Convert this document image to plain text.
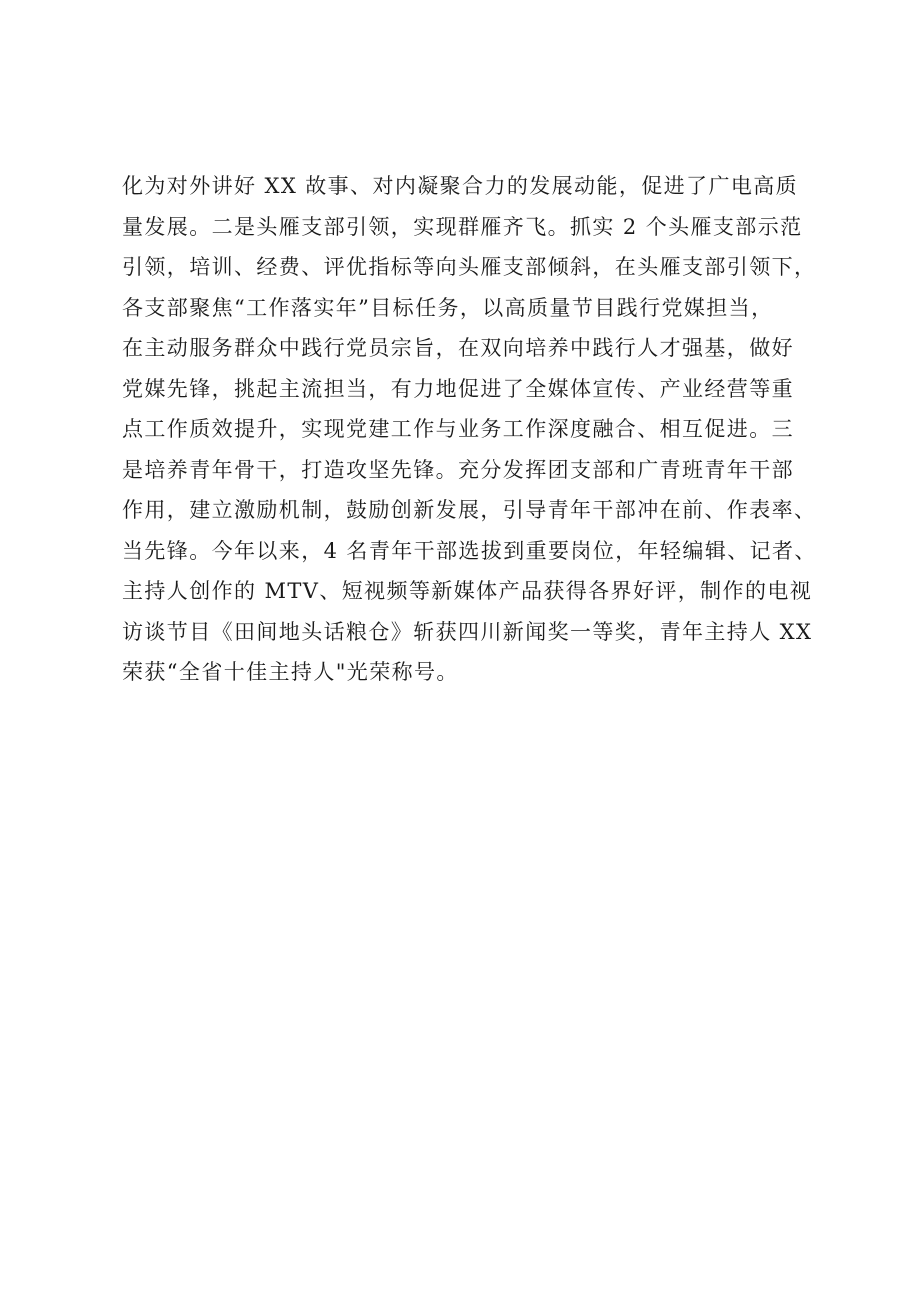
化为对外讲好 XX 故事、对内凝聚合力的发展动能，促进了广电高质
量发展。二是头雁支部引领，实现群雁齐飞。抓实 2 个头雁支部示范
引领，培训、经费、评优指标等向头雁支部倾斜，在头雁支部引领下，
各支部聚焦“工作落实年”目标任务，以高质量节目践行党媒担当，
在主动服务群众中践行党员宗旨，在双向培养中践行人才强基，做好
党媒先锋，挑起主流担当，有力地促进了全媒体宣传、产业经营等重
点工作质效提升，实现党建工作与业务工作深度融合、相互促进。三
是培养青年骨干，打造攻坚先锋。充分发挥团支部和广青班青年干部
作用，建立激励机制，鼓励创新发展，引导青年干部冲在前、作表率、
当先锋。今年以来，4 名青年干部选拔到重要岗位，年轻编辑、记者、
主持人创作的 MTV、短视频等新媒体产品获得各界好评，制作的电视
访谈节目《田间地头话粮仓》斩获四川新闻奖一等奖，青年主持人 XX
荣获“全省十佳主持人"光荣称号。
